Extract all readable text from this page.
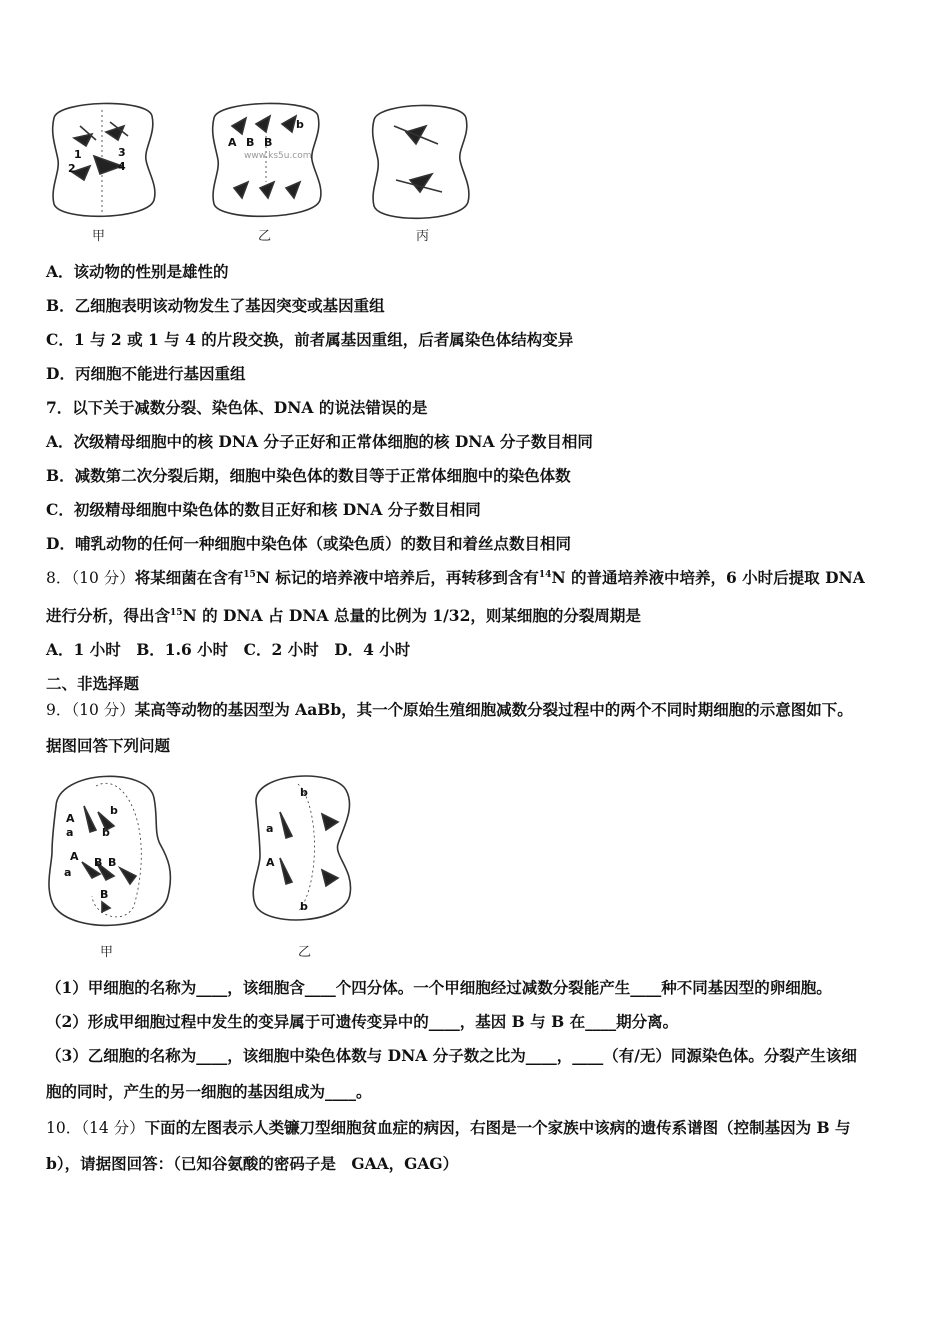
1
2
3
4
甲
A B B
b
www.ks5u.com
乙	丙
A．该动物的性别是雄性的
B．乙细胞表明该动物发生了基因突变或基因重组
C．1 与 2 或 1 与 4 的片段交换，前者属基因重组，后者属染色体结构变异
D．丙细胞不能进行基因重组
7．以下关于减数分裂、染色体、DNA 的说法错误的是
A．次级精母细胞中的核 DNA 分子正好和正常体细胞的核 DNA 分子数目相同
B．减数第二次分裂后期，细胞中染色体的数目等于正常体细胞中的染色体数
C．初级精母细胞中染色体的数目正好和核 DNA 分子数目相同
D．哺乳动物的任何一种细胞中染色体（或染色质）的数目和着丝点数目相同
8．（10 分）将某细菌在含有$^{15}$N 标记的培养液中培养后，再转移到含有$^{14}$N 的普通培养液中培养，6 小时后提取 DNA
进行分析，得出含$^{15}$N 的 DNA 占 DNA 总量的比例为 1/32，则某细胞的分裂周期是
A．1 小时　B．1.6 小时　C．2 小时　D．4 小时
二、非选择题
9．（10 分）某高等动物的基因型为 AaBb，其一个原始生殖细胞减数分裂过程中的两个不同时期细胞的示意图如下。
据图回答下列问题
A
b
b
a
A B B
a
B
甲
b
a
A
b
乙
（1）甲细胞的名称为____，该细胞含____个四分体。一个甲细胞经过减数分裂能产生____种不同基因型的卵细胞。
（2）形成甲细胞过程中发生的变异属于可遗传变异中的____，基因 B 与 B 在____期分离。
（3）乙细胞的名称为____，该细胞中染色体数与 DNA 分子数之比为____，____（有/无）同源染色体。分裂产生该细
胞的同时，产生的另一细胞的基因组成为____。
10．（14 分）下面的左图表示人类镰刀型细胞贫血症的病因，右图是一个家族中该病的遗传系谱图（控制基因为 B 与
b），请据图回答：（已知谷氨酸的密码子是　GAA，GAG）
